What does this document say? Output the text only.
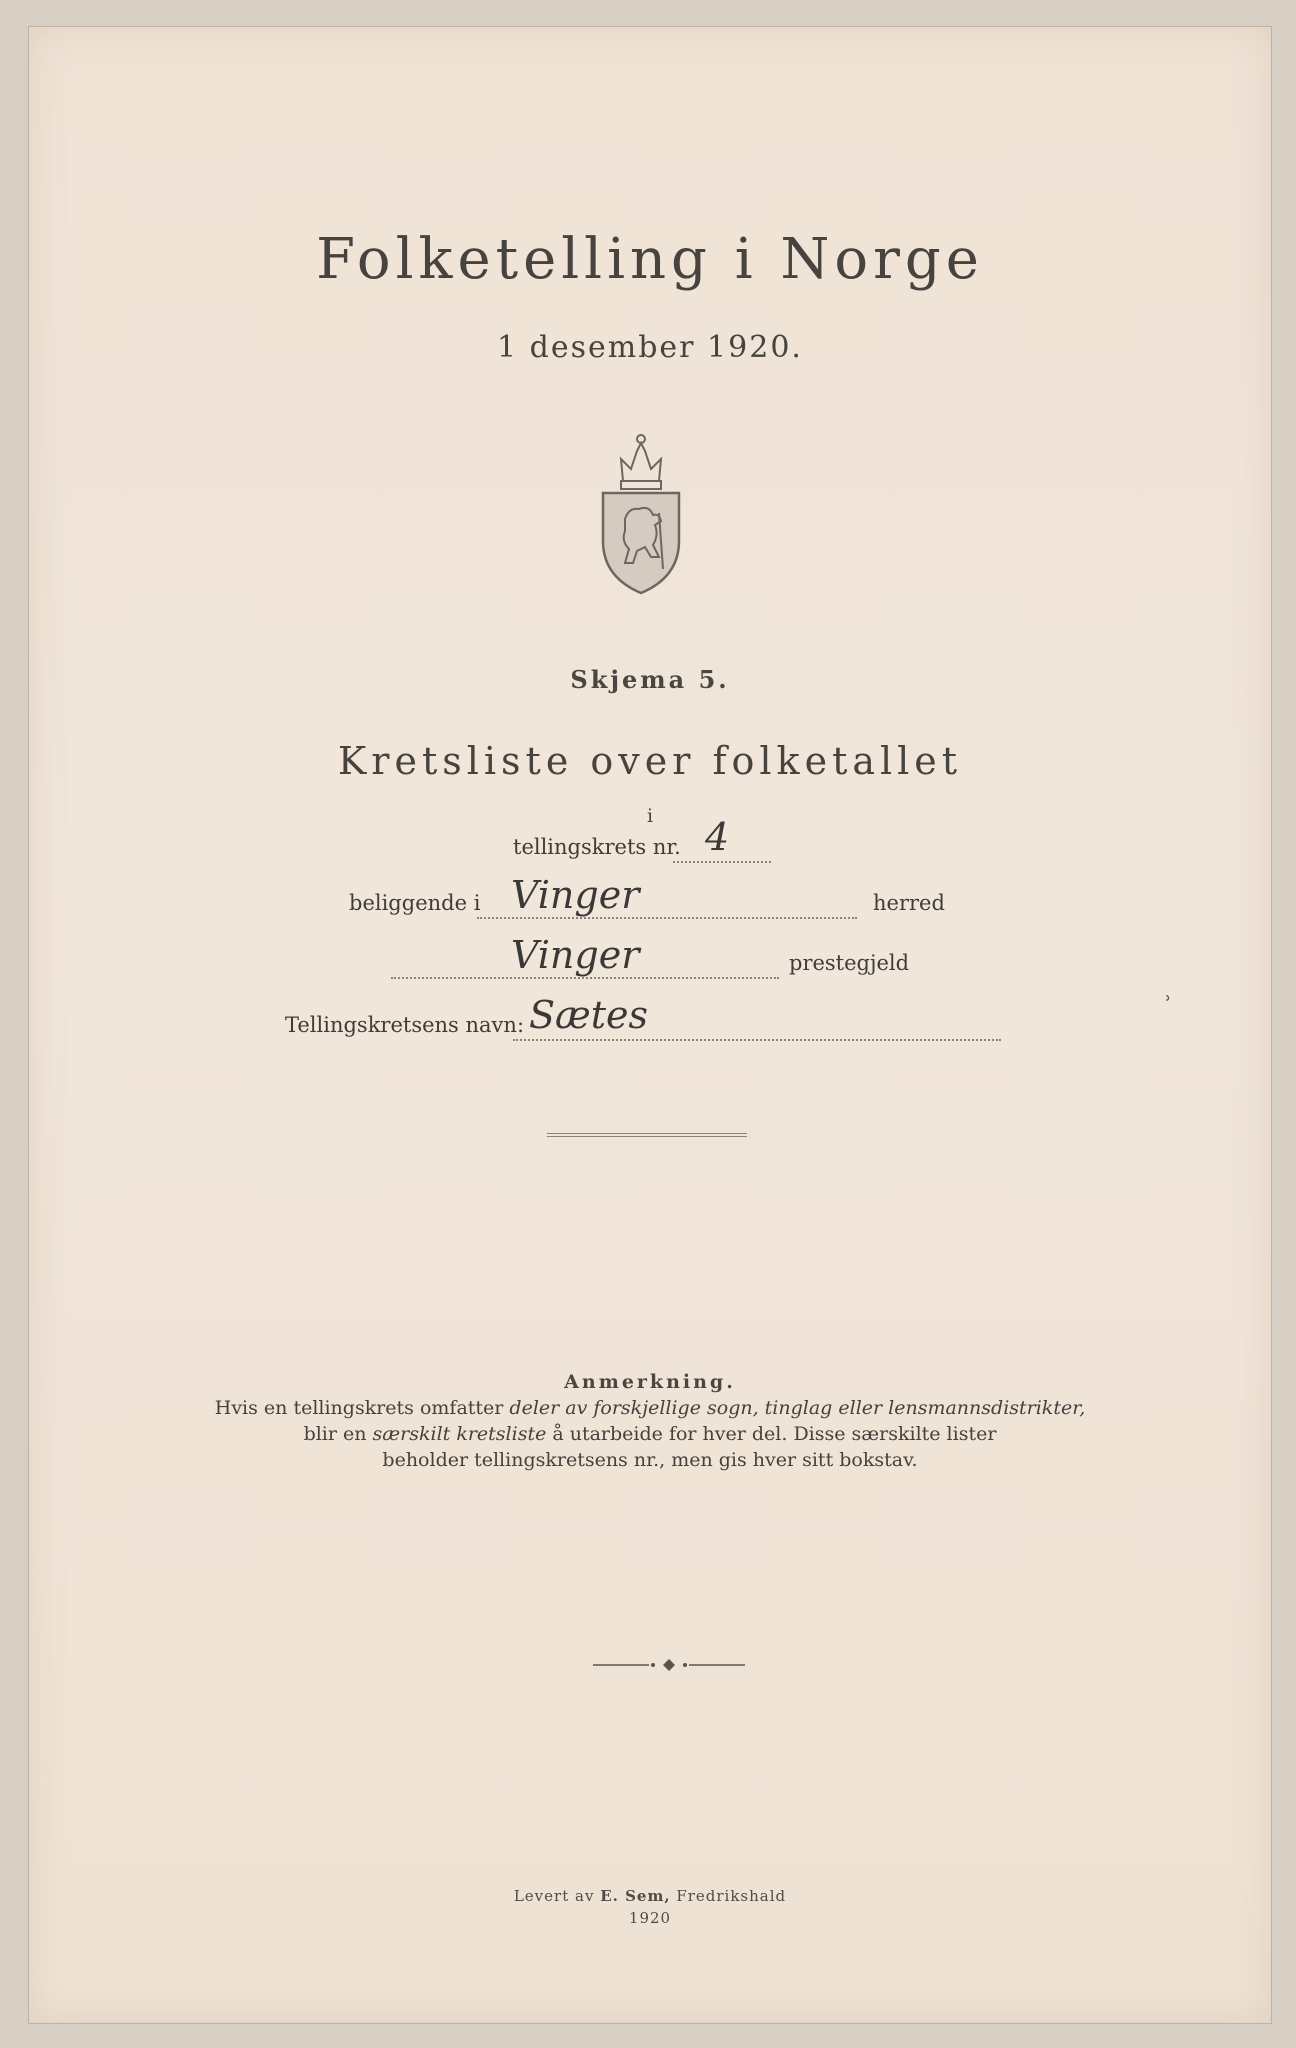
Folketelling i Norge
1 desember 1920.
Skjema 5.
Kretsliste over folketallet
i
tellingskrets nr. 4
beliggende i Vinger	herred
Vinger	prestegjeld
Tellingskretsens navn: Sætes
Anmerkning.
Hvis en tellingskrets omfatter deler av forskjellige sogn, tinglag eller lensmannsdistrikter,
blir en særskilt kretsliste å utarbeide for hver del. Disse særskilte lister
beholder tellingskretsens nr., men gis hver sitt bokstav.
Levert av E. Sem, Fredrikshald
1920
ʾ
